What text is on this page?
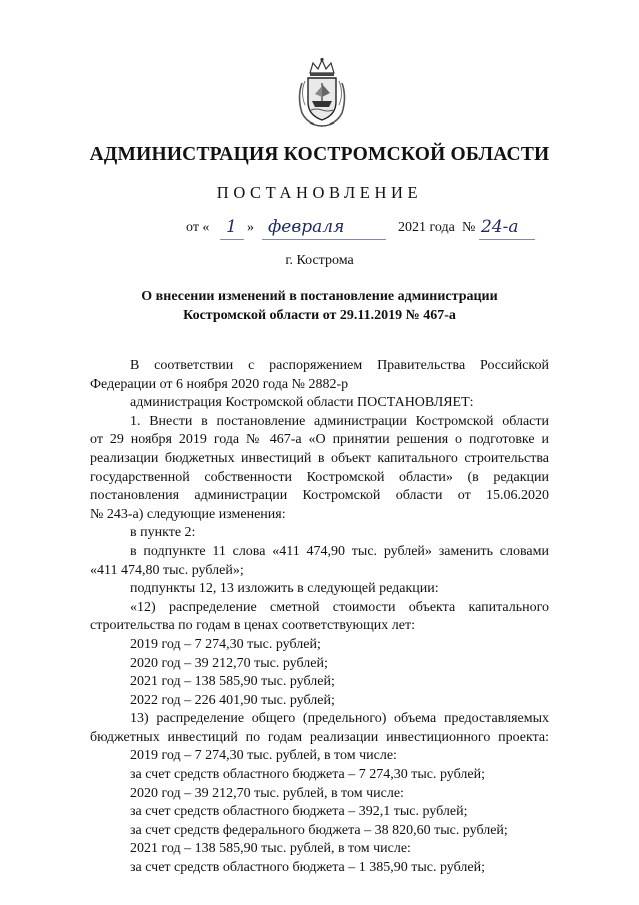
АДМИНИСТРАЦИЯ КОСТРОМСКОЙ ОБЛАСТИ
ПОСТАНОВЛЕНИЕ
от « 1 » февраля	2021 года № 24-а
г. Кострома
О внесении изменений в постановление администрации
Костромской области от 29.11.2019 № 467-а
В соответствии с распоряжением Правительства Российской
Федерации от 6 ноября 2020 года № 2882-р
администрация Костромской области ПОСТАНОВЛЯЕТ:
1. Внести в постановление администрации Костромской области
от 29 ноября 2019 года № 467-а «О принятии решения о подготовке и
реализации бюджетных инвестиций в объект капитального строительства
государственной собственности Костромской области» (в редакции
постановления администрации Костромской области от 15.06.2020
№ 243-а) следующие изменения:
в пункте 2:
в подпункте 11 слова «411 474,90 тыс. рублей» заменить словами
«411 474,80 тыс. рублей»;
подпункты 12, 13 изложить в следующей редакции:
«12) распределение сметной стоимости объекта капитального
строительства по годам в ценах соответствующих лет:
2019 год – 7 274,30 тыс. рублей;
2020 год – 39 212,70 тыс. рублей;
2021 год – 138 585,90 тыс. рублей;
2022 год – 226 401,90 тыс. рублей;
13) распределение общего (предельного) объема предоставляемых
бюджетных инвестиций по годам реализации инвестиционного проекта:
2019 год – 7 274,30 тыс. рублей, в том числе:
за счет средств областного бюджета – 7 274,30 тыс. рублей;
2020 год – 39 212,70 тыс. рублей, в том числе:
за счет средств областного бюджета – 392,1 тыс. рублей;
за счет средств федерального бюджета – 38 820,60 тыс. рублей;
2021 год – 138 585,90 тыс. рублей, в том числе:
за счет средств областного бюджета – 1 385,90 тыс. рублей;
